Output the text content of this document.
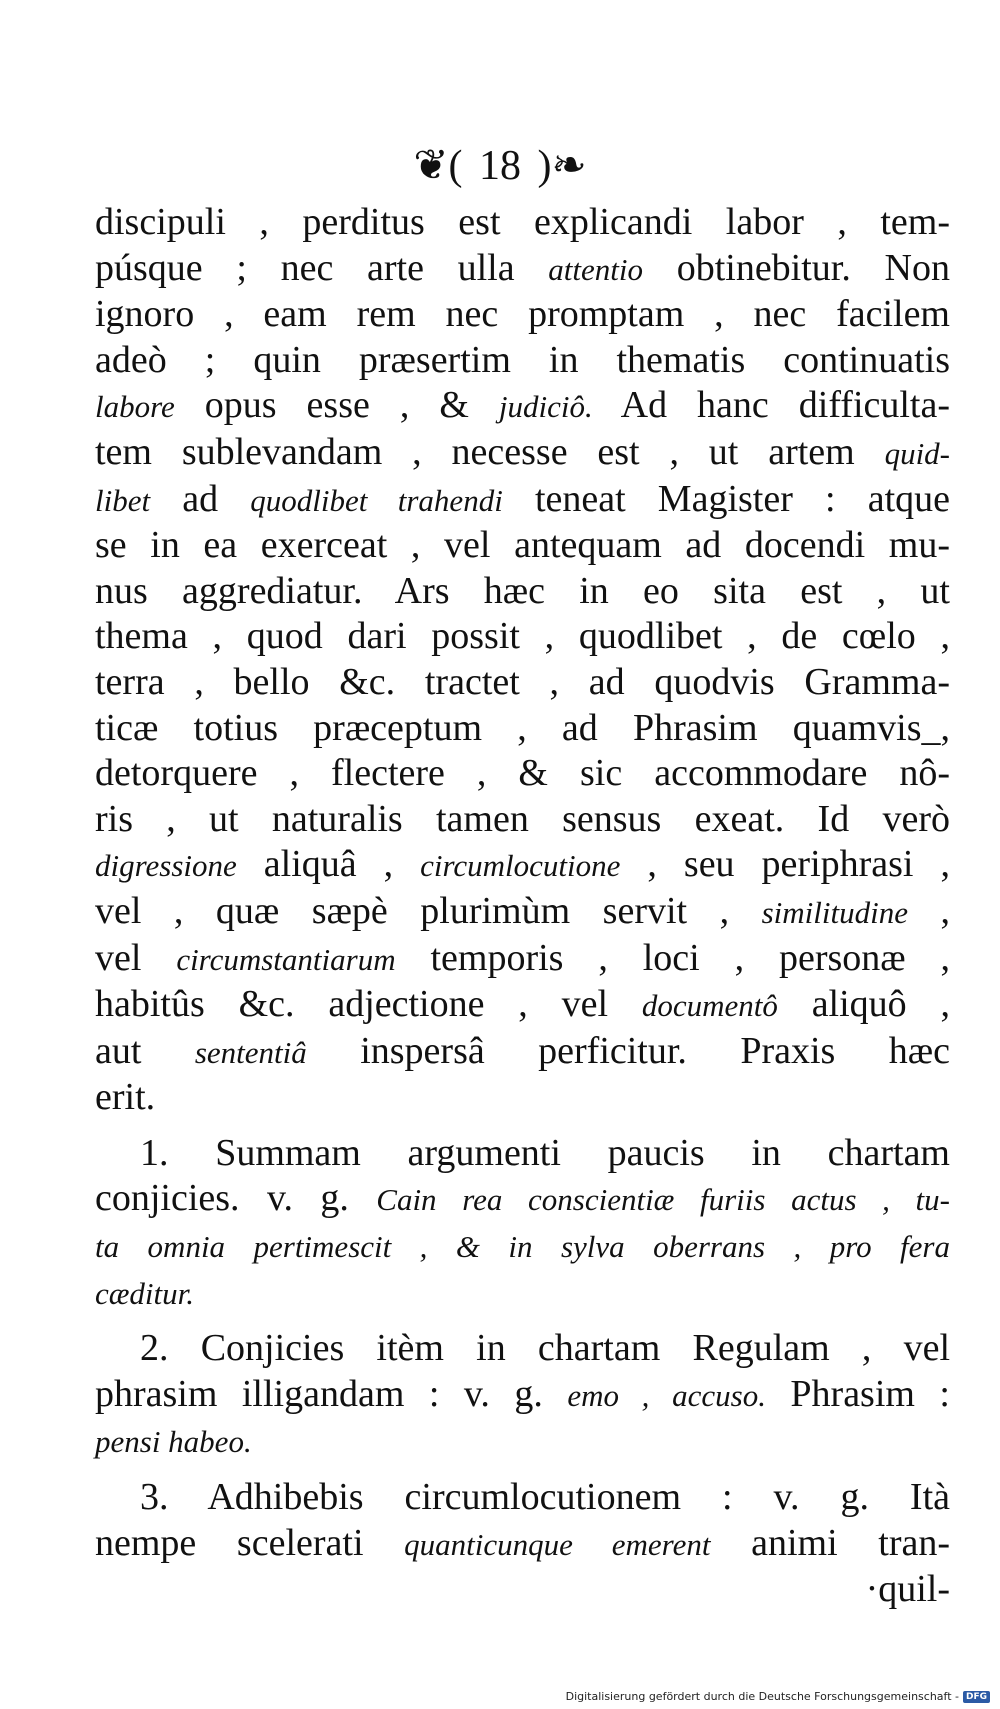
❦( 18 )❧
discipuli , perditus est explicandi labor , tem-
púsque ; nec arte ulla attentio obtinebitur. Non
ignoro , eam rem nec promptam , nec facilem
adeò ; quin præsertim in thematis continuatis
labore opus esse , & judiciô. Ad hanc difficulta-
tem sublevandam , necesse est , ut artem quid-
libet ad quodlibet trahendi teneat Magister : atque
se in ea exerceat , vel antequam ad docendi mu-
nus aggrediatur. Ars hæc in eo sita est , ut
thema , quod dari possit , quodlibet , de cœlo ,
terra , bello &c. tractet , ad quodvis Gramma-
ticæ totius præceptum , ad Phrasim quamvis_,
detorquere , flectere , & sic accommodare nô-
ris , ut naturalis tamen sensus exeat. Id verò
digressione aliquâ , circumlocutione , seu periphrasi ,
vel , quæ sæpè plurimùm servit , similitudine ,
vel circumstantiarum temporis , loci , personæ ,
habitûs &c. adjectione , vel documentô aliquô ,
aut sententiâ inspersâ perficitur. Praxis hæc
erit.
1. Summam argumenti paucis in chartam
conjicies. v. g. Cain rea conscientiæ furiis actus , tu-
ta omnia pertimescit , & in sylva oberrans , pro fera
cæditur.
2. Conjicies itèm in chartam Regulam , vel
phrasim illigandam : v. g. emo , accuso. Phrasim :
pensi habeo.
3. Adhibebis circumlocutionem : v. g. Ità
nempe scelerati quanticunque emerent animi tran-
·quil-
Digitalisierung gefördert durch die Deutsche Forschungsgemeinschaft - DFG
